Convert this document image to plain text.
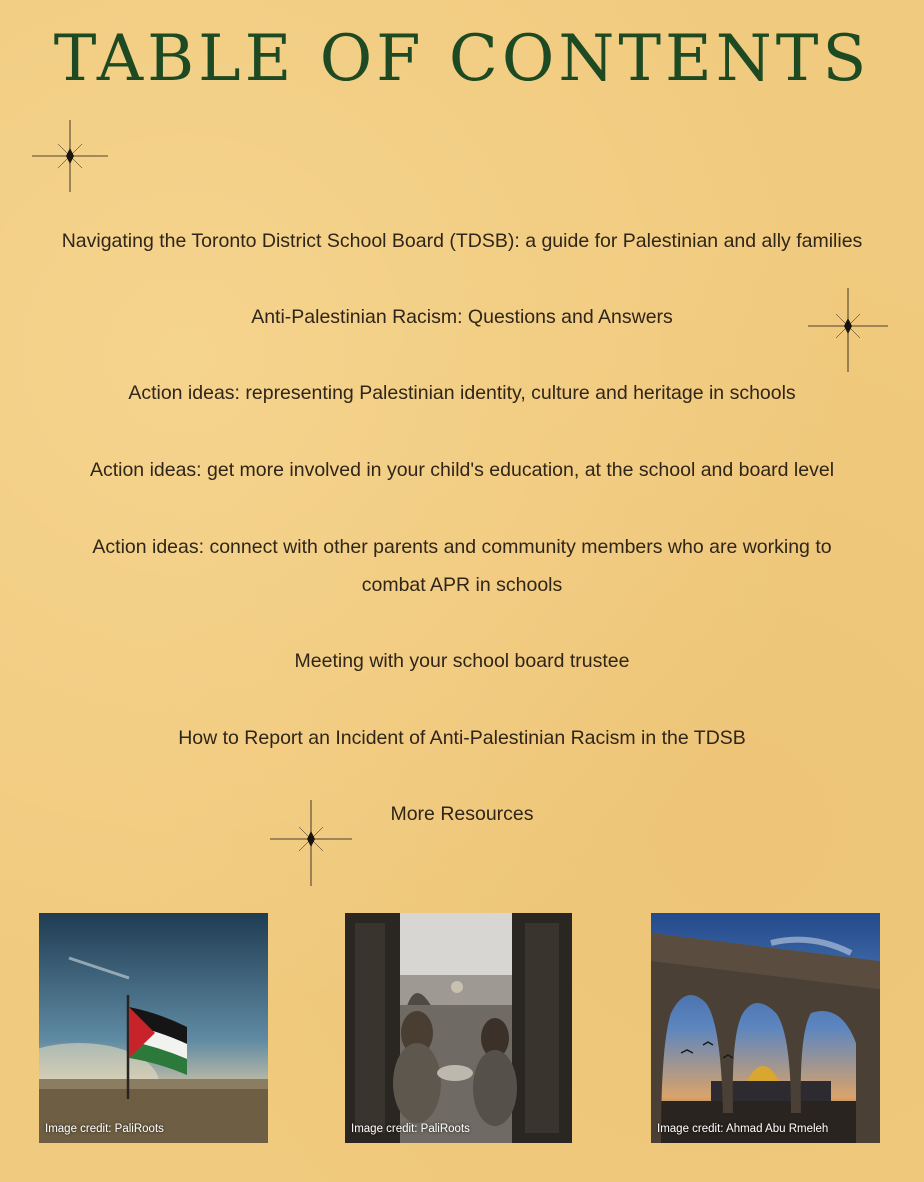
TABLE OF CONTENTS

Navigating the Toronto District School Board (TDSB): a guide for Palestinian and ally families

Anti-Palestinian Racism: Questions and Answers

Action ideas: representing Palestinian identity, culture and heritage in schools

Action ideas: get more involved in your child's education, at the school and board level

Action ideas: connect with other parents and community members who are working to combat APR in schools

Meeting with your school board trustee

How to Report an Incident of Anti-Palestinian Racism in the TDSB

More Resources

Image credit: PaliRoots	Image credit: PaliRoots	Image credit: Ahmad Abu Rmeleh
